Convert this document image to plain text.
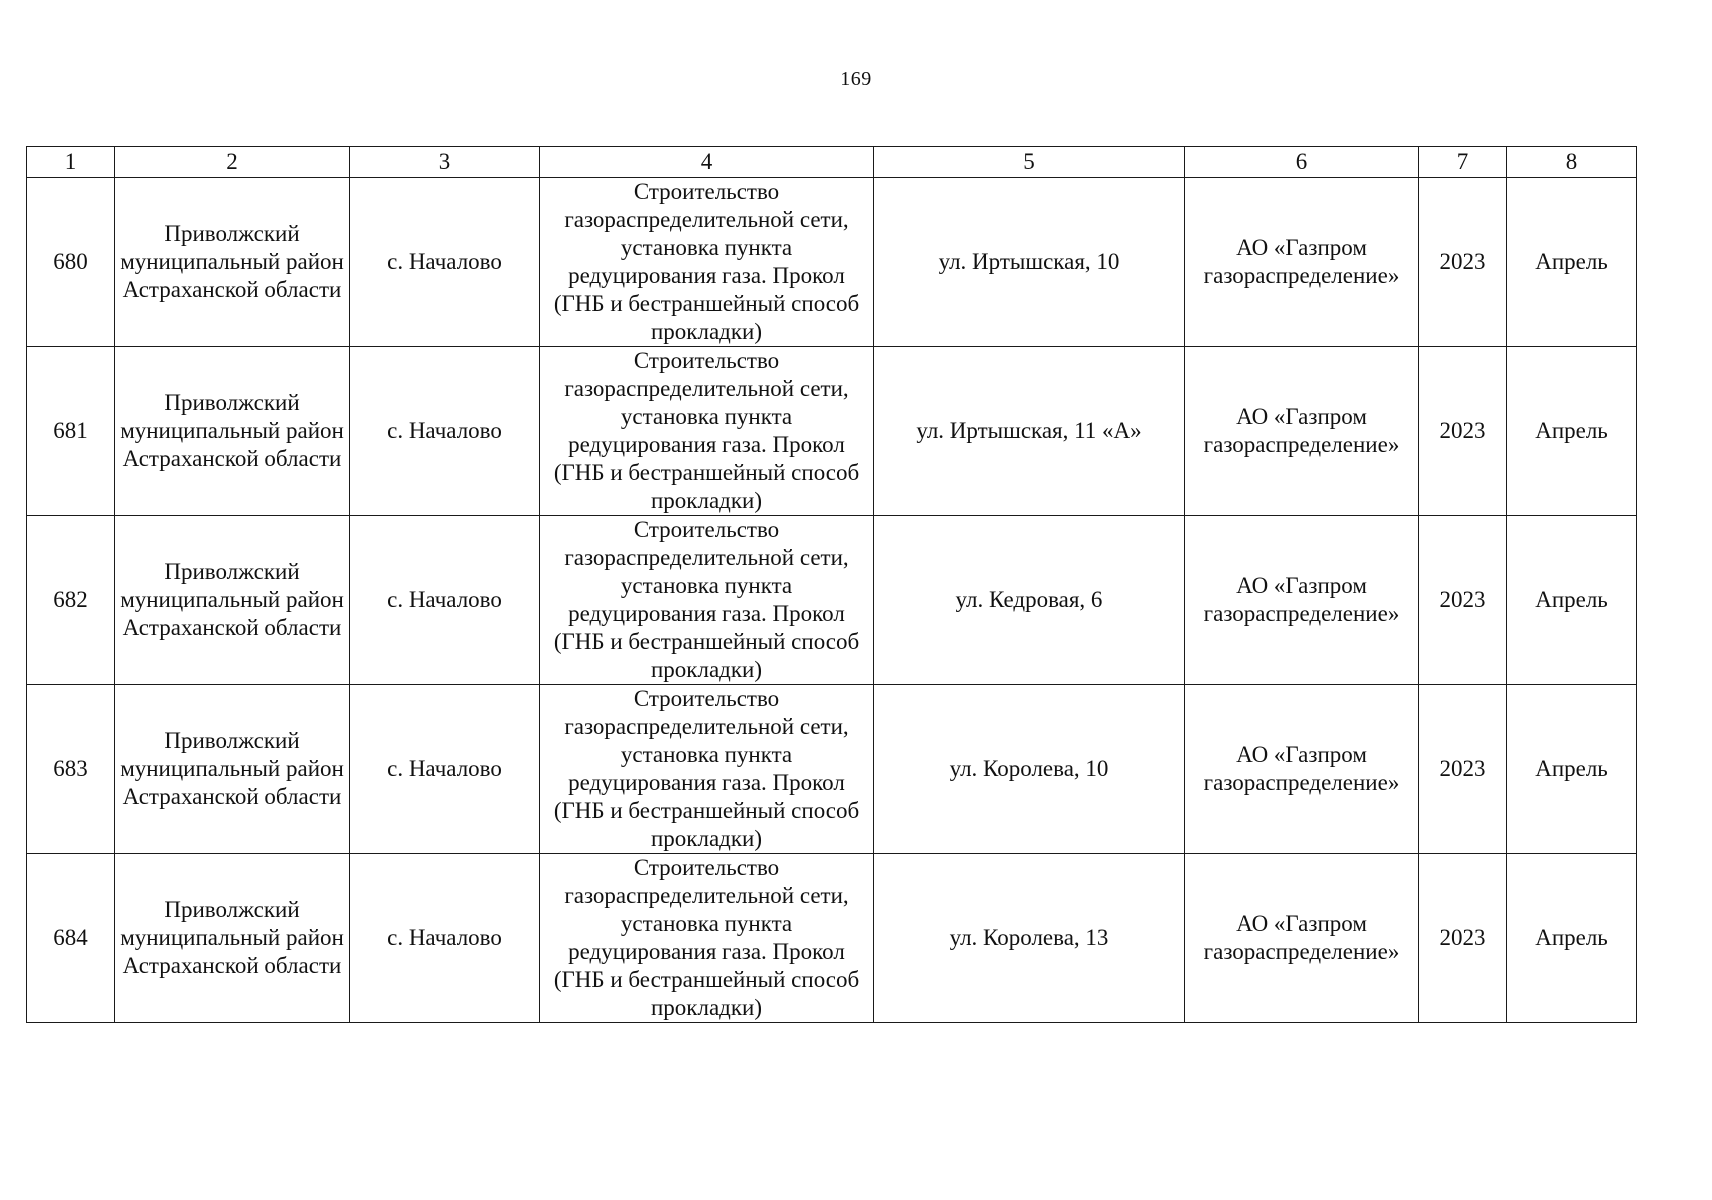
169
1	2	3	4	5	6	7	8
680	Приволжский муниципальный район Астраханской области	с. Началово	Строительство газораспределительной сети, установка пункта редуцирования газа. Прокол (ГНБ и бестраншейный способ прокладки)	ул. Иртышская, 10	АО «Газпром газораспределение»	2023	Апрель
681	Приволжский муниципальный район Астраханской области	с. Началово	Строительство газораспределительной сети, установка пункта редуцирования газа. Прокол (ГНБ и бестраншейный способ прокладки)	ул. Иртышская, 11 «А»	АО «Газпром газораспределение»	2023	Апрель
682	Приволжский муниципальный район Астраханской области	с. Началово	Строительство газораспределительной сети, установка пункта редуцирования газа. Прокол (ГНБ и бестраншейный способ прокладки)	ул. Кедровая, 6	АО «Газпром газораспределение»	2023	Апрель
683	Приволжский муниципальный район Астраханской области	с. Началово	Строительство газораспределительной сети, установка пункта редуцирования газа. Прокол (ГНБ и бестраншейный способ прокладки)	ул. Королева, 10	АО «Газпром газораспределение»	2023	Апрель
684	Приволжский муниципальный район Астраханской области	с. Началово	Строительство газораспределительной сети, установка пункта редуцирования газа. Прокол (ГНБ и бестраншейный способ прокладки)	ул. Королева, 13	АО «Газпром газораспределение»	2023	Апрель
